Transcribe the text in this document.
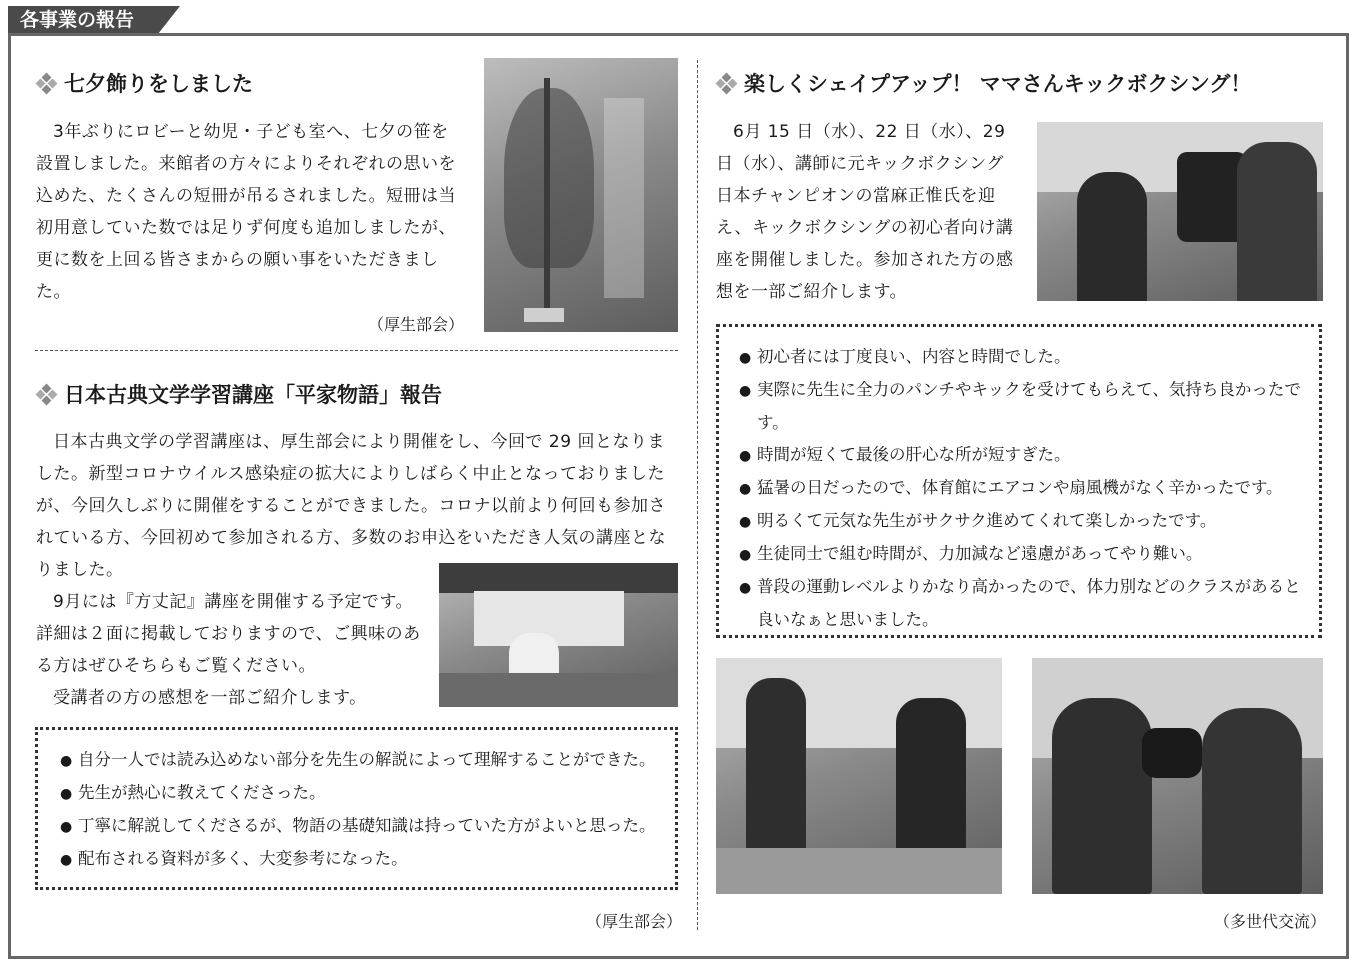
各事業の報告
七夕飾りをしました

3年ぶりにロビーと幼児・子ども室へ、七夕の笹を設置しました。来館者の方々によりそれぞれの思いを込めた、たくさんの短冊が吊るされました。短冊は当初用意していた数では足りず何度も追加しましたが、更に数を上回る皆さまからの願い事をいただきました。

（厚生部会）
日本古典文学学習講座「平家物語」報告

日本古典文学の学習講座は、厚生部会により開催をし、今回で 29 回となりました。新型コロナウイルス感染症の拡大によりしばらく中止となっておりましたが、今回久しぶりに開催をすることができました。コロナ以前より何回も参加されている方、今回初めて参加される方、多数のお申込をいただき人気の講座となりました。

9月には『方丈記』講座を開催する予定です。詳細は２面に掲載しておりますので、ご興味のある方はぜひそちらもご覧ください。

受講者の方の感想を一部ご紹介します。

● 自分一人では読み込めない部分を先生の解説によって理解することができた。
● 先生が熱心に教えてくださった。
● 丁寧に解説してくださるが、物語の基礎知識は持っていた方がよいと思った。
● 配布される資料が多く、大変参考になった。
（厚生部会）
楽しくシェイプアップ！ ママさんキックボクシング！

6月 15 日（水）、22 日（水）、29 日（水）、講師に元キックボクシング日本チャンピオンの當麻正惟氏を迎え、キックボクシングの初心者向け講座を開催しました。参加された方の感想を一部ご紹介します。

● 初心者には丁度良い、内容と時間でした。
● 実際に先生に全力のパンチやキックを受けてもらえて、気持ち良かったです。
● 時間が短くて最後の肝心な所が短すぎた。
● 猛暑の日だったので、体育館にエアコンや扇風機がなく辛かったです。
● 明るくて元気な先生がサクサク進めてくれて楽しかったです。
● 生徒同士で組む時間が、力加減など遠慮があってやり難い。
● 普段の運動レベルよりかなり高かったので、体力別などのクラスがあると良いなぁと思いました。
（多世代交流）
